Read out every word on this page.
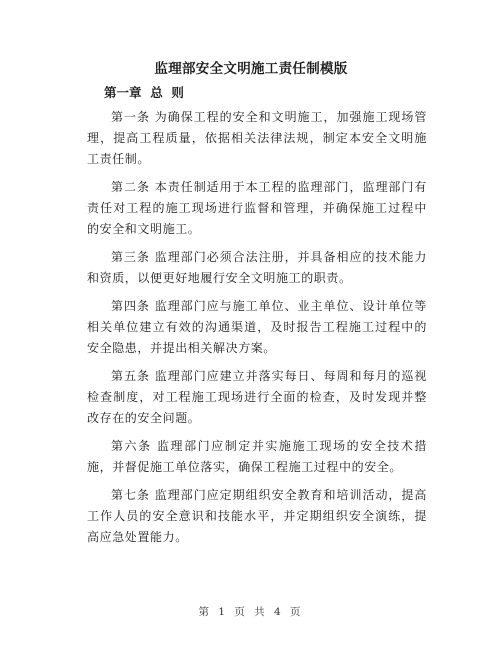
监理部安全文明施工责任制模版
第一章  总  则

第一条 为确保工程的安全和文明施工，加强施工现场管理，提高工程质量，依据相关法律法规，制定本安全文明施工责任制。

第二条 本责任制适用于本工程的监理部门，监理部门有责任对工程的施工现场进行监督和管理，并确保施工过程中的安全和文明施工。

第三条 监理部门必须合法注册，并具备相应的技术能力和资质，以便更好地履行安全文明施工的职责。

第四条 监理部门应与施工单位、业主单位、设计单位等相关单位建立有效的沟通渠道，及时报告工程施工过程中的安全隐患，并提出相关解决方案。

第五条 监理部门应建立并落实每日、每周和每月的巡视检查制度，对工程施工现场进行全面的检查，及时发现并整改存在的安全问题。

第六条 监理部门应制定并实施施工现场的安全技术措施，并督促施工单位落实，确保工程施工过程中的安全。

第七条 监理部门应定期组织安全教育和培训活动，提高工作人员的安全意识和技能水平，并定期组织安全演练，提高应急处置能力。

第 1 页 共 4 页
